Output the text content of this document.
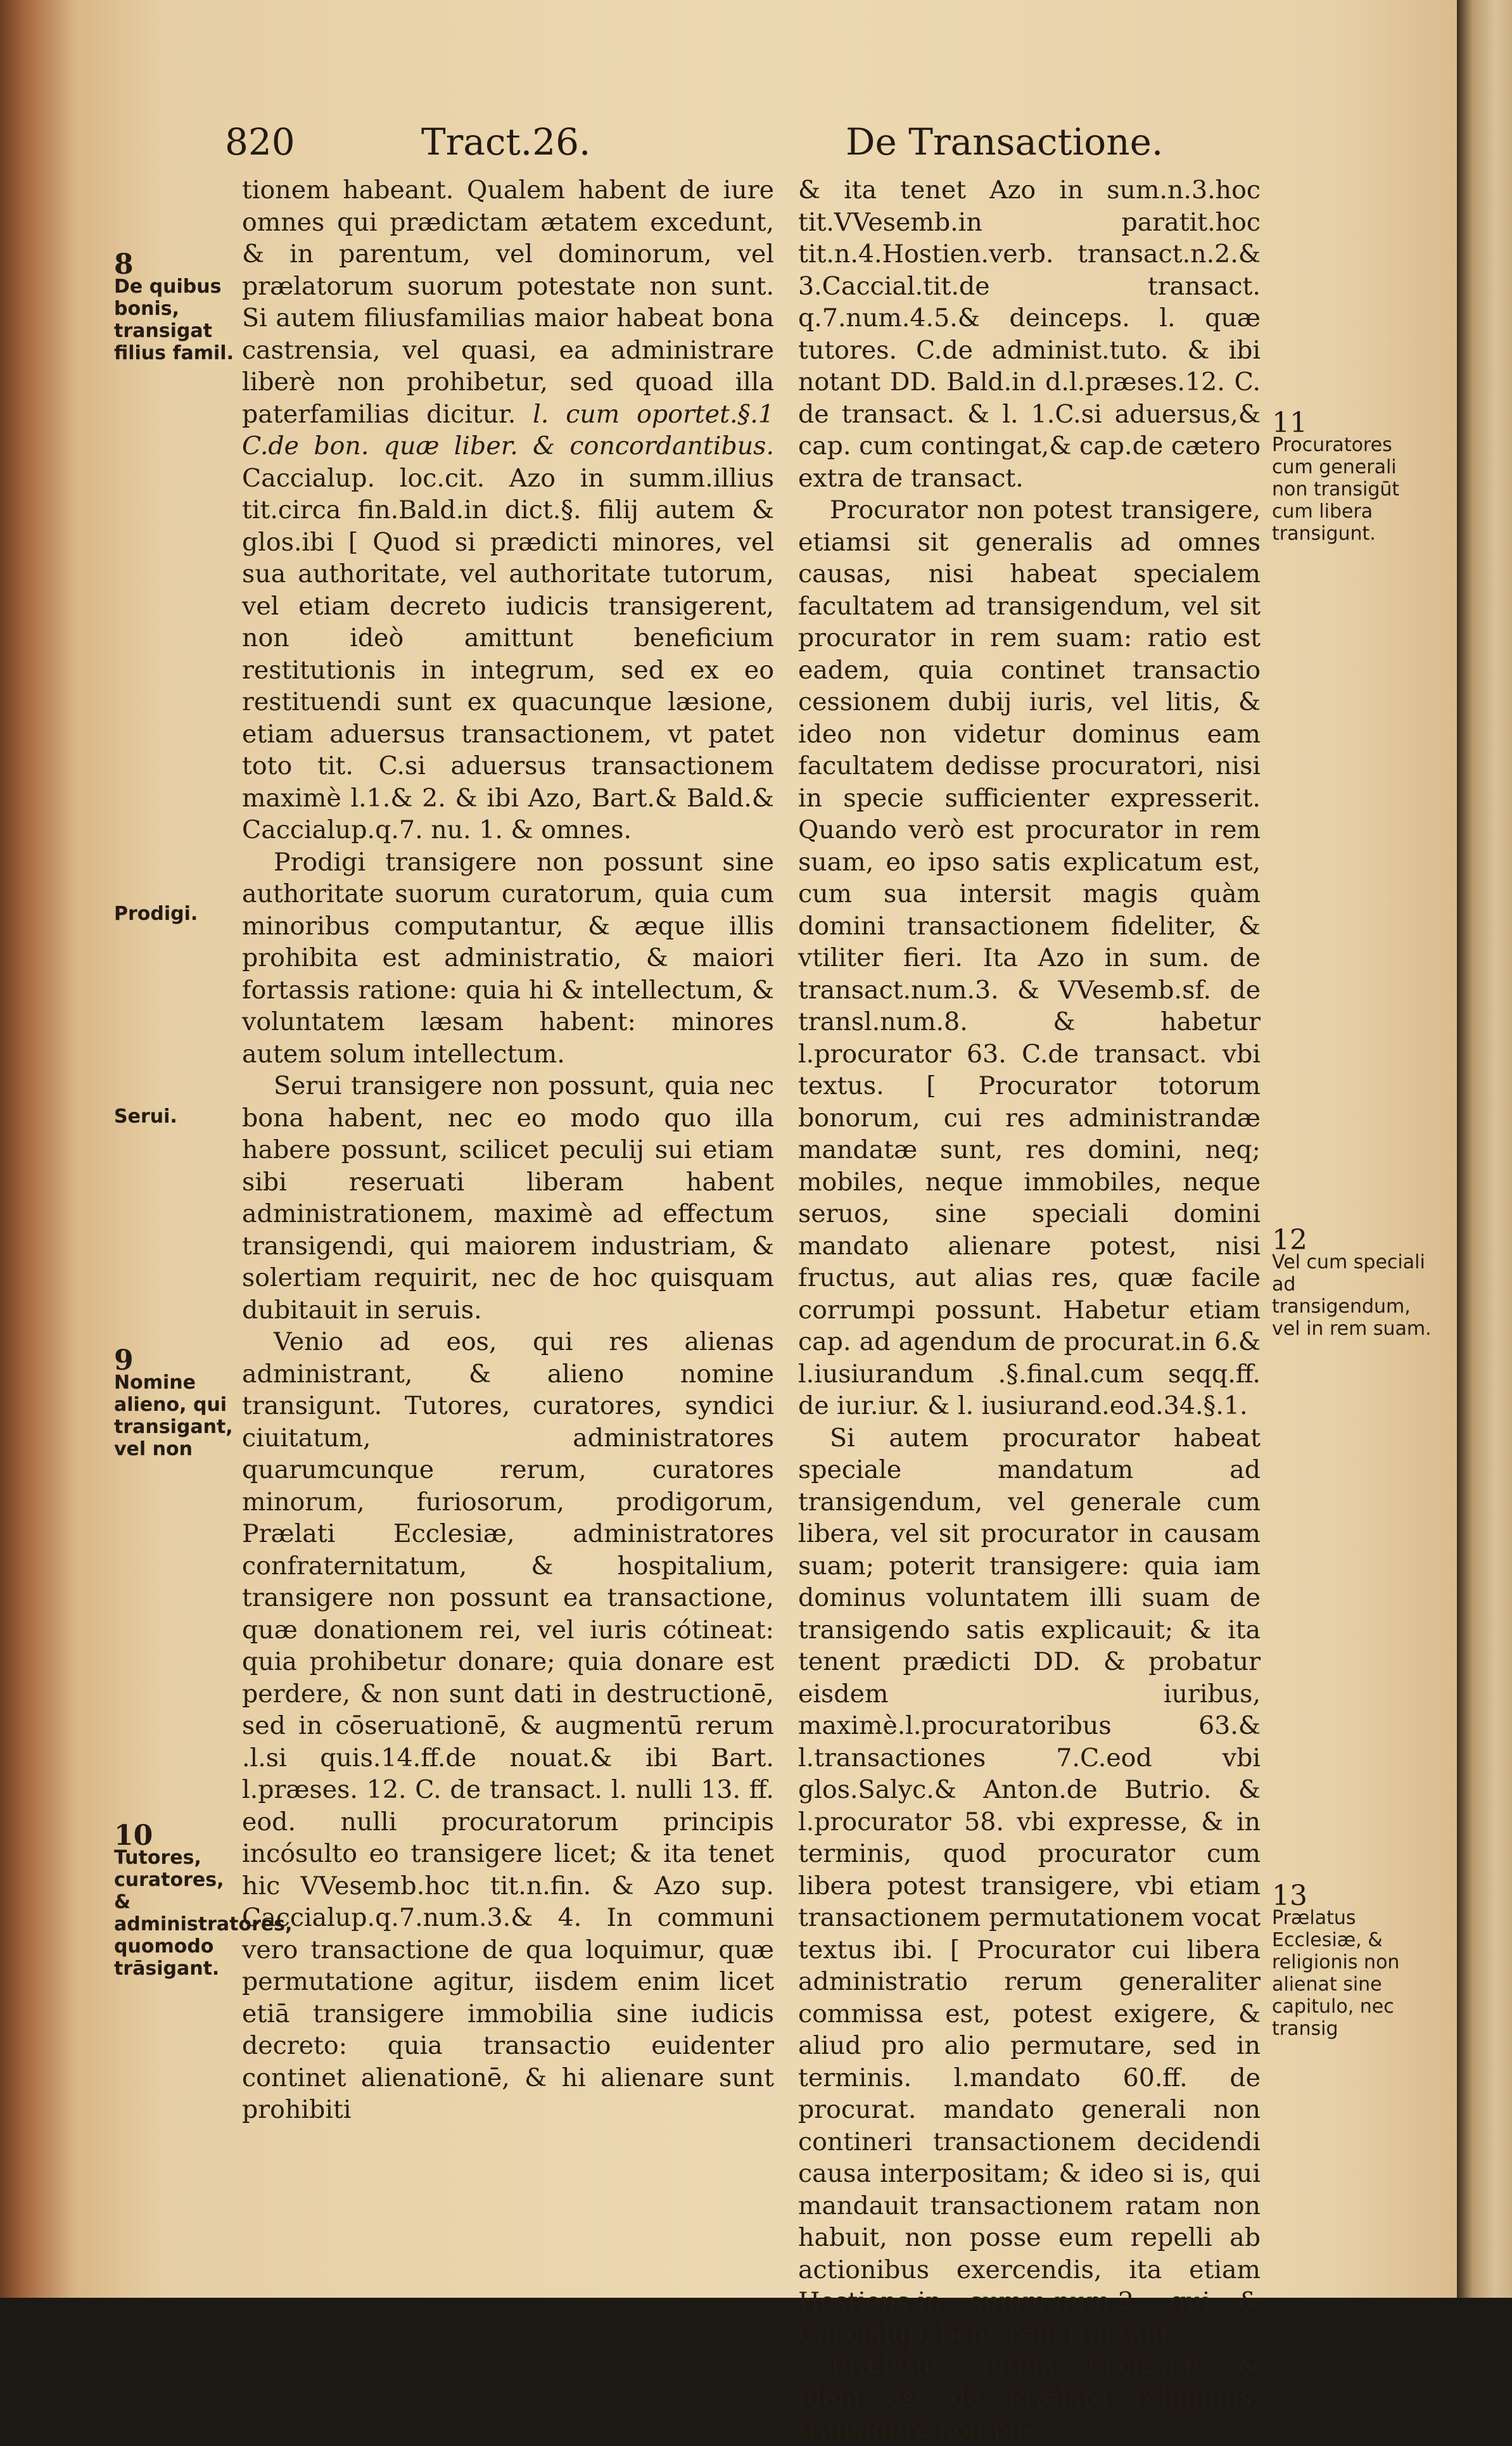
820	Tract.26.	De Transactione.

tionem habeant. Qualem habent de iure omnes qui prædictam ætatem excedunt, & in parentum, vel dominorum, vel prælatorum suorum potestate non sunt. Si autem filiusfamilias maior habeat bona castrensia, vel quasi, ea administrare liberè non prohibetur, sed quoad illa paterfamilias dicitur. l. cum oportet.§.1 C.de bon. quæ liber. & concordantibus. Caccialup. loc.cit. Azo in summ.illius tit.circa fin.Bald.in dict.§. filij autem & glos.ibi [ Quod si prædicti minores, vel sua authoritate, vel authoritate tutorum, vel etiam decreto iudicis transigerent, non ideò amittunt beneficium restitutionis in integrum, sed ex eo restituendi sunt ex quacunque læsione, etiam aduersus transactionem, vt patet toto tit. C.si aduersus transactionem maximè l.1.& 2. & ibi Azo, Bart.& Bald.& Caccialup.q.7. nu. 1. & omnes.

Prodigi transigere non possunt sine authoritate suorum curatorum, quia cum minoribus computantur, & æque illis prohibita est administratio, & maiori fortassis ratione: quia hi & intellectum, & voluntatem læsam habent: minores autem solum intellectum.

Serui transigere non possunt, quia nec bona habent, nec eo modo quo illa habere possunt, scilicet peculij sui etiam sibi reseruati liberam habent administrationem, maximè ad effectum transigendi, qui maiorem industriam, & solertiam requirit, nec de hoc quisquam dubitauit in seruis.

Venio ad eos, qui res alienas administrant, & alieno nomine transigunt. Tutores, curatores, syndici ciuitatum, administratores quarumcunque rerum, curatores minorum, furiosorum, prodigorum, Prælati Ecclesiæ, administratores confraternitatum, & hospitalium, transigere non possunt ea transactione, quæ donationem rei, vel iuris cótineat: quia prohibetur donare; quia donare est perdere, & non sunt dati in destructionē, sed in cōseruationē, & augmentū rerum .l.si quis.14.ff.de nouat.& ibi Bart. l.præses. 12. C. de transact. l. nulli 13. ff. eod. nulli procuratorum principis incósulto eo transigere licet; & ita tenet hic VVesemb.hoc tit.n.fin. & Azo sup. Caccialup.q.7.num.3.& 4. In communi vero transactione de qua loquimur, quæ permutatione agitur, iisdem enim licet etiā transigere immobilia sine iudicis decreto: quia transactio euidenter continet alienationē, & hi alienare sunt prohibiti

& ita tenet Azo in sum.n.3.hoc tit.VVesemb.in paratit.hoc tit.n.4.Hostien.verb. transact.n.2.& 3.Caccial.tit.de transact. q.7.num.4.5.& deinceps. l. quæ tutores. C.de administ.tuto. & ibi notant DD. Bald.in d.l.præses.12. C. de transact. & l. 1.C.si aduersus,& cap. cum contingat,& cap.de cætero extra de transact.

Procurator non potest transigere, etiamsi sit generalis ad omnes causas, nisi habeat specialem facultatem ad transigendum, vel sit procurator in rem suam: ratio est eadem, quia continet transactio cessionem dubij iuris, vel litis, & ideo non videtur dominus eam facultatem dedisse procuratori, nisi in specie sufficienter expresserit. Quando verò est procurator in rem suam, eo ipso satis explicatum est, cum sua intersit magis quàm domini transactionem fideliter, & vtiliter fieri. Ita Azo in sum. de transact.num.3. & VVesemb.sf. de transl.num.8. & habetur l.procurator 63. C.de transact. vbi textus. [ Procurator totorum bonorum, cui res administrandæ mandatæ sunt, res domini, neq; mobiles, neque immobiles, neque seruos, sine speciali domini mandato alienare potest, nisi fructus, aut alias res, quæ facile corrumpi possunt. Habetur etiam cap. ad agendum de procurat.in 6.& l.iusiurandum .§.final.cum seqq.ff. de iur.iur. & l. iusiurand.eod.34.§.1.

Si autem procurator habeat speciale mandatum ad transigendum, vel generale cum libera, vel sit procurator in causam suam; poterit transigere: quia iam dominus voluntatem illi suam de transigendo satis explicauit; & ita tenent prædicti DD. & probatur eisdem iuribus, maximè.l.procuratoribus 63.& l.transactiones 7.C.eod vbi glos.Salyc.& Anton.de Butrio. & l.procurator 58. vbi expresse, & in terminis, quod procurator cum libera potest transigere, vbi etiam transactionem permutationem vocat textus ibi. [ Procurator cui libera administratio rerum generaliter commissa est, potest exigere, & aliud pro alio permutare, sed in terminis. l.mandato 60.ff. de procurat. mandato generali non contineri transactionem decidendi causa interpositam; & ideo si is, qui mandauit transactionem ratam non habuit, non posse eum repelli ab actionibus exercendis, ita etiam Hostiens.in summ.num.2. qui & Caccialup. bene rem tractant.

Prælatus autem Ecclesiæ, & idem est de Prælato religionis, transigere non po-

8
De quibus bonis, transigat filius famil.
Prodigi.
Serui.
9
Nomine alieno, qui transigant, vel non
10
Tutores, curatores, & administratores, quomodo trāsigant.
11
Procuratores cum generali non transigūt cum libera transigunt.
12
Vel cum speciali ad transigendum, vel in rem suam.
13
Prælatus Ecclesiæ, & religionis non alienat sine capitulo, nec transig
